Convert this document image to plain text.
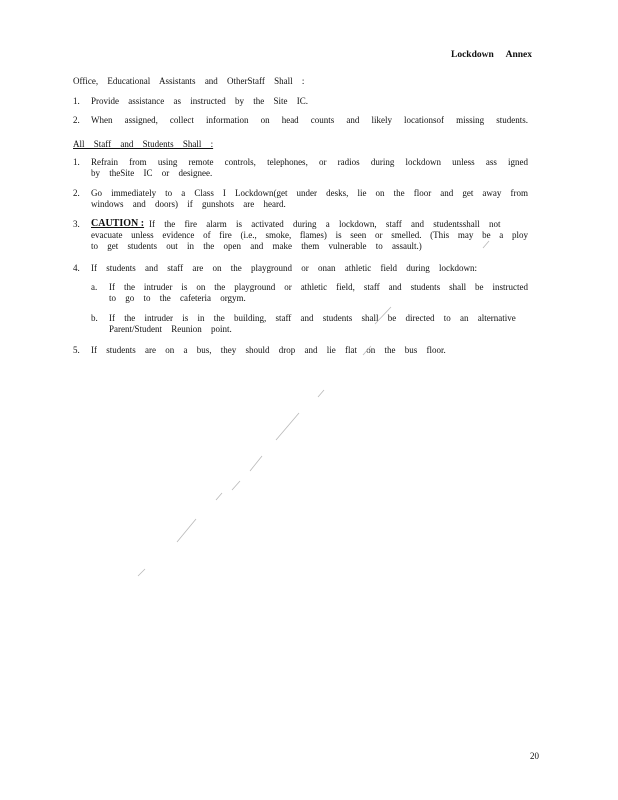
Lockdown Annex
Office, Educational Assistants and OtherStaff Shall :
1. Provide assistance as instructed by the Site IC.
2. When assigned, collect information on head counts and likely locationsof missing students.
All Staff and Students Shall :
1. Refrain from using remote controls, telephones, or radios during lockdown unless ass igned
by theSite IC or designee.
2. Go immediately to a Class I Lockdown(get under desks, lie on the floor and get away from
windows and doors) if gunshots are heard.
3. CAUTION : If the fire alarm is activated during a lockdown, staff and studentsshall not
evacuate unless evidence of fire (i.e., smoke, flames) is seen or smelled. (This may be a ploy
to get students out in the open and make them vulnerable to assault.)
4. If students and staff are on the playground or onan athletic field during lockdown:
a. If the intruder is on the playground or athletic field, staff and students shall be instructed
to go to the cafeteria orgym.
b. If the intruder is in the building, staff and students shall be directed to an alternative
Parent/Student Reunion point.
5. If students are on a bus, they should drop and lie flat on the bus floor.
20
